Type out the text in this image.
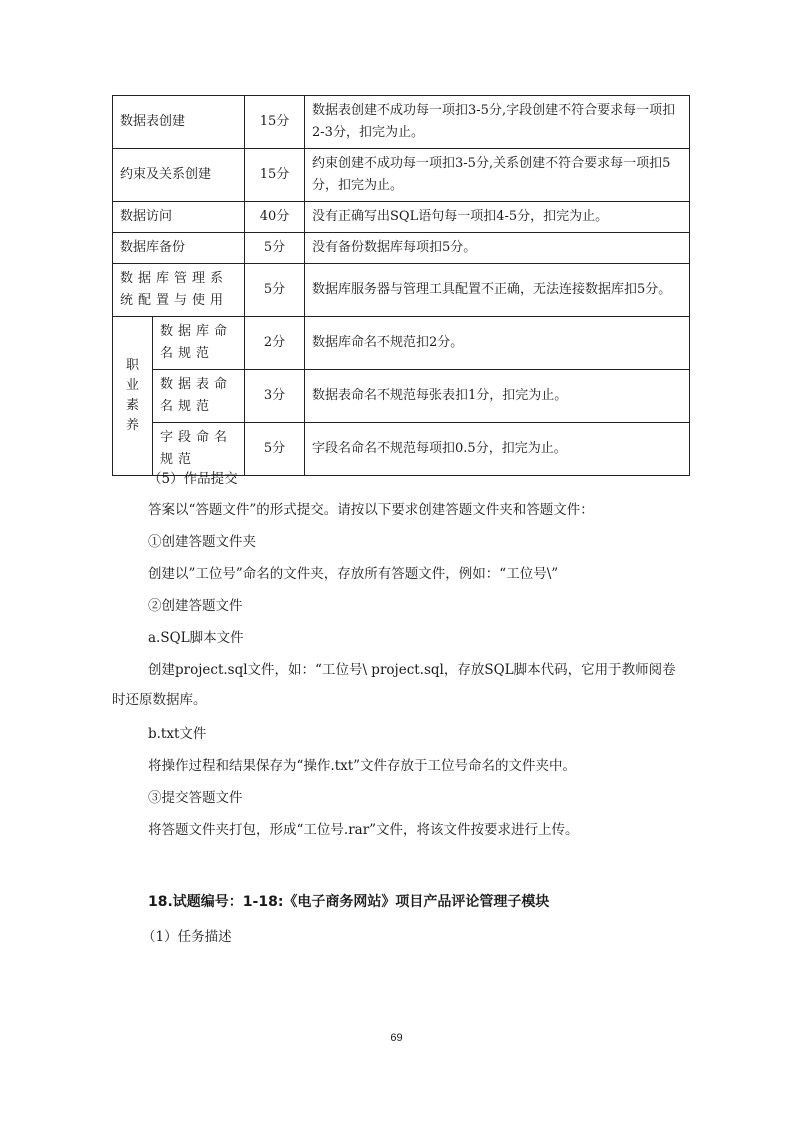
数据表创建		15分	数据表创建不成功每一项扣3-5分,字段创建不符合要求每一项扣2-3分，扣完为止。
约束及关系创建		15分	约束创建不成功每一项扣3-5分,关系创建不符合要求每一项扣5分，扣完为止。
数据访问		40分	没有正确写出SQL语句每一项扣4-5分，扣完为止。
数据库备份		5分	没有备份数据库每项扣5分。
数据库管理系统配置与使用		5分	数据库服务器与管理工具配置不正确，无法连接数据库扣5分。

职
业
素
养	数据库命名规范	2分	数据库命名不规范扣2分。
	数据表命名规范	3分	数据表命名不规范每张表扣1分，扣完为止。
	字段命名规范	5分	字段名命名不规范每项扣0.5分，扣完为止。
（5）作品提交
答案以“答题文件”的形式提交。请按以下要求创建答题文件夹和答题文件：
①创建答题文件夹
创建以”工位号”命名的文件夹，存放所有答题文件，例如：“工位号\”
②创建答题文件
a.SQL脚本文件
创建project.sql文件，如：“工位号\ project.sql，存放SQL脚本代码，它用于教师阅卷时还原数据库。
b.txt文件
将操作过程和结果保存为“操作.txt”文件存放于工位号命名的文件夹中。
③提交答题文件
将答题文件夹打包，形成“工位号.rar”文件，将该文件按要求进行上传。
18.试题编号：1-18:《电子商务网站》项目产品评论管理子模块
（1）任务描述
69
